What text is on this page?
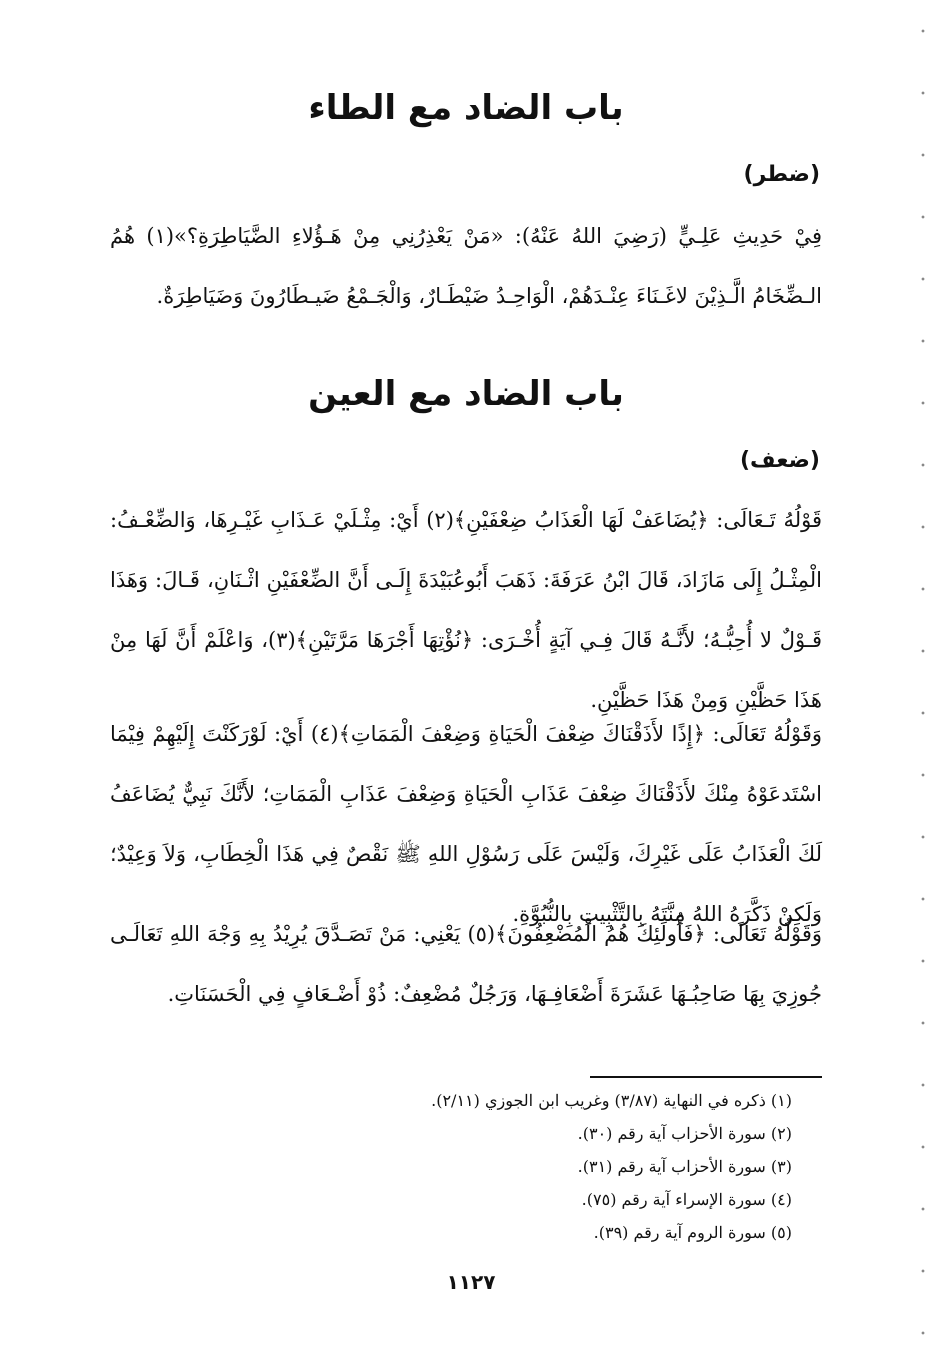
باب الضاد مع الطاء
(ضطر)
فِيْ حَدِيثِ عَلِـيٍّ (رَضِيَ اللهُ عَنْهُ): «مَنْ يَعْذِرُنِي مِنْ هَـؤُلاءِ الضَّيَاطِرَةِ؟»(١) هُمُ الـضِّخَامُ الَّـذِيْنَ لاغَـنَاءَ عِنْـدَهُمْ، الْوَاحِـدُ ضَيْطَـارٌ، وَالْجَـمْعُ ضَيـطَارُونَ وَضَيَاطِرَةٌ.
باب الضاد مع العين
(ضعف)
قَوْلُهُ تَـعَالَى: ﴿يُضَاعَفْ لَهَا الْعَذَابُ ضِعْفَيْنِ﴾(٢) أَيْ: مِثْـلَيْ عَـذَابِ غَيْـرِهَا، وَالضِّعْـفُ: الْمِثْـلُ إِلَى مَازَادَ، قَالَ ابْنُ عَرَفَةَ: ذَهَبَ أَبُوعُبَيْدَةَ إِلَـى أَنَّ الضِّعْفَيْنِ اثْـنَانِ، قَـالَ: وَهَذَا قَـوْلٌ لا أُحِبُّـهُ؛ لأَنَّـهُ قَالَ فِـي آيَةٍ أُخْـرَى: ﴿نُؤْتِهَا أَجْرَهَا مَرَّتَيْنِ﴾(٣)، وَاعْلَمْ أَنَّ لَهَا مِنْ هَذَا حَظَّيْنِ وَمِنْ هَذَا حَظَّيْنِ.
وَقَوْلُهُ تَعَالَى: ﴿إِذًا لأَذَقْنَاكَ ضِعْفَ الْحَيَاةِ وَضِعْفَ الْمَمَاتِ﴾(٤) أَيْ: لَوْرَكَنْتَ إِلَيْهِمْ فِيْمَا اسْتَدعَوْهُ مِنْكَ لأَذَقْنَاكَ ضِعْفَ عَذَابِ الْحَيَاةِ وَضِعْفَ عَذَابِ الْمَمَاتِ؛ لأَنَّكَ نَبِيٌّ يُضَاعَفُ لَكَ الْعَذَابُ عَلَى غَيْرِكَ، وَلَيْسَ عَلَى رَسُوْلِ اللهِ ﷺ نَقْصٌ فِي هَذَا الْخِطَابِ، وَلاَ وَعِيْدٌ؛ وَلَكِنْ ذَكَّرَهُ اللهُ مِنَّتَهُ بِالتَّثْبِيتِ بِالنُّبُوَّةِ.
وَقَوْلُهُ تَعَالَى: ﴿فَأُولَئِكَ هُمُ الْمُضْعِفُونَ﴾(٥) يَعْنِي: مَنْ تَصَـدَّقَ يُرِيْدُ بِهِ وَجْهَ اللهِ تَعَالَـى جُوزِيَ بِهَا صَاحِبُـهَا عَشَرَةَ أَضْعَافِـهَا، وَرَجُلٌ مُضْعِفٌ: ذُوْ أَضْـعَافٍ فِي الْحَسَنَاتِ.
(١) ذكره في النهاية (٣/٨٧) وغريب ابن الجوزي (٢/١١).
(٢) سورة الأحزاب آية رقم (٣٠).
(٣) سورة الأحزاب آية رقم (٣١).
(٤) سورة الإسراء آية رقم (٧٥).
(٥) سورة الروم آية رقم (٣٩).
١١٢٧
